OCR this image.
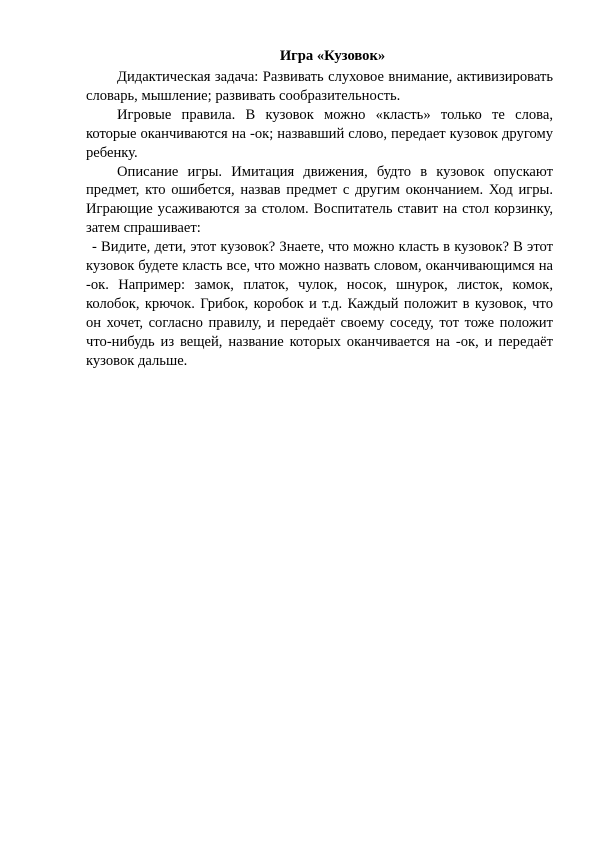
Игра «Кузовок»

Дидактическая задача: Развивать слуховое внимание, активизировать словарь, мышление; развивать сообразительность.

Игровые правила. В кузовок можно «класть» только те слова, которые оканчиваются на -ок; назвавший слово, передает кузовок другому ребенку.

Описание игры. Имитация движения, будто в кузовок опускают предмет, кто ошибется, назвав предмет с другим окончанием. Ход игры. Играющие усаживаются за столом. Воспитатель ставит на стол корзинку, затем спрашивает:

- Видите, дети, этот кузовок? Знаете, что можно класть в кузовок? В этот кузовок будете класть все, что можно назвать словом, оканчивающимся на -ок. Например: замок, платок, чулок, носок, шнурок, листок, комок, колобок, крючок. Грибок, коробок и т.д. Каждый положит в кузовок, что он хочет, согласно правилу, и передаёт своему соседу, тот тоже положит что-нибудь из вещей, название которых оканчивается на -ок, и передаёт кузовок дальше.
